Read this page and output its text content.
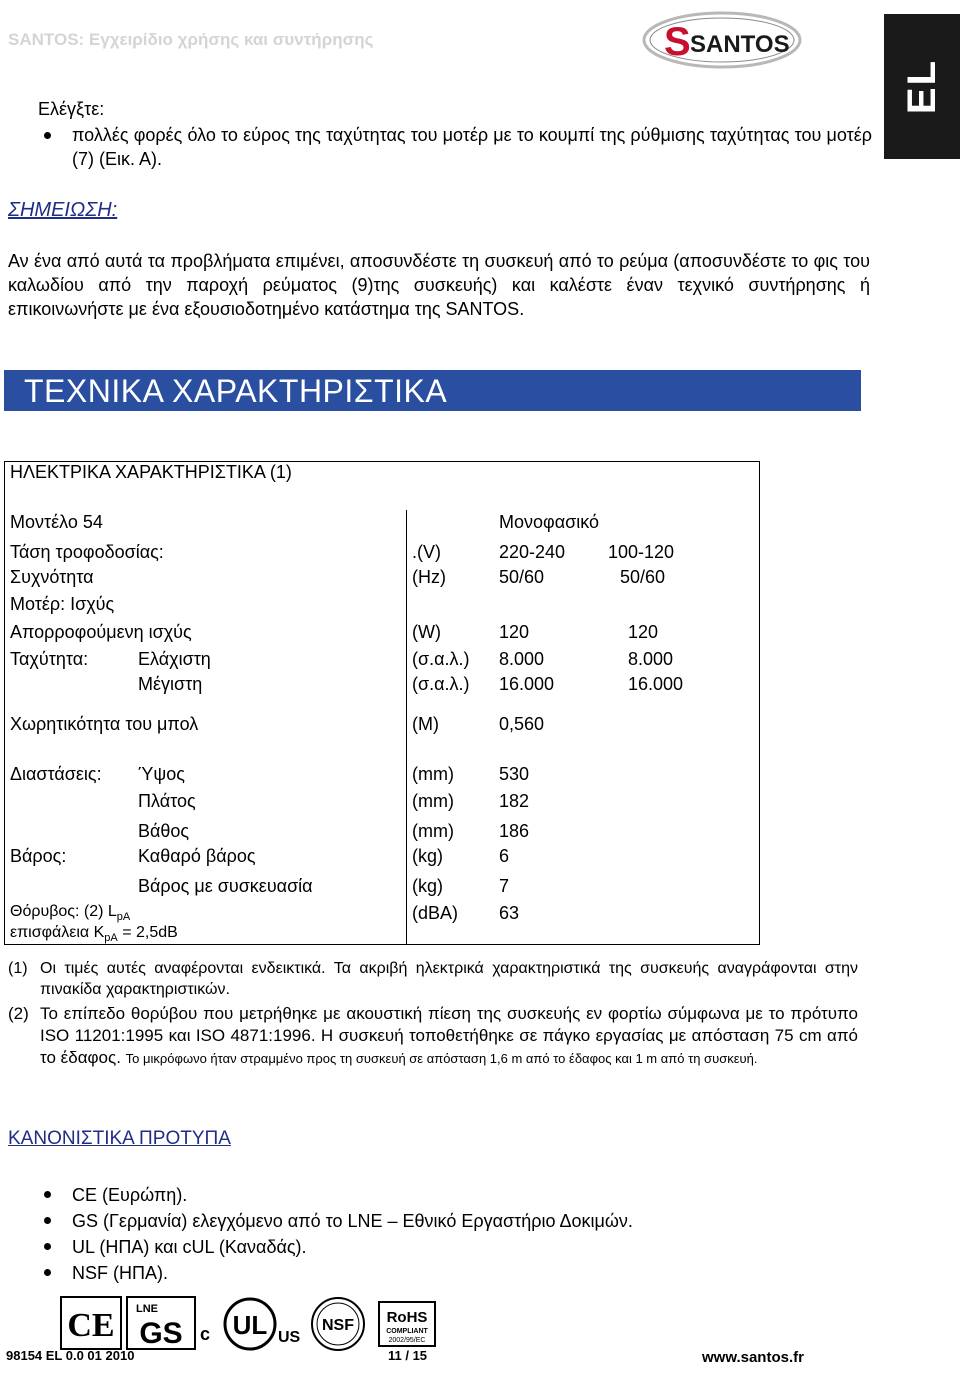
SANTOS: Εγχειρίδιο χρήσης και συντήρησης	S SANTOS
EL
Ελέγξτε:
πολλές φορές όλο το εύρος της ταχύτητας του μοτέρ με το κουμπί της ρύθμισης ταχύτητας του μοτέρ (7) (Εικ. Α).
ΣΗΜΕΙΩΣΗ:
Αν ένα από αυτά τα προβλήματα επιμένει, αποσυνδέστε τη συσκευή από το ρεύμα (αποσυνδέστε το φις του καλωδίου από την παροχή ρεύματος (9)της συσκευής) και καλέστε έναν τεχνικό συντήρησης ή επικοινωνήστε με ένα εξουσιοδοτημένο κατάστημα της SANTOS.
ΤΕΧΝΙΚΑ ΧΑΡΑΚΤΗΡΙΣΤΙΚΑ
ΗΛΕΚΤΡΙΚΑ ΧΑΡΑΚΤΗΡΙΣΤΙΚΑ (1)
Μοντέλο 54	Μονοφασικό
Τάση τροφοδοσίας:	.(V)	220-240 100-120
Συχνότητα	(Hz)	50/60	50/60
Μοτέρ: Ισχύς
Απορροφούμενη ισχύς	(W)	120	120
Ταχύτητα:	Ελάχιστη	(σ.α.λ.) 8.000	8.000
Μέγιστη	(σ.α.λ.) 16.000	16.000
Χωρητικότητα του μπολ	(M)	0,560
Διαστάσεις: Ύψος	(mm)	530
Πλάτος	(mm)	182
Βάθος	(mm)	186
Βάρος:	Καθαρό βάρος	(kg)	6
Βάρος με συσκευασία	(kg)	7
Θόρυβος: (2) $L_{pA}$	(dBA) 63
επισφάλεια $K_{pA} = 2,5dB$
(1) Οι τιμές αυτές αναφέρονται ενδεικτικά. Τα ακριβή ηλεκτρικά χαρακτηριστικά της συσκευής αναγράφονται στην πινακίδα χαρακτηριστικών.
(2) Το επίπεδο θορύβου που μετρήθηκε με ακουστική πίεση της συσκευής εν φορτίω σύμφωνα με το πρότυπο ISO 11201:1995 και ISO 4871:1996. Η συσκευή τοποθετήθηκε σε πάγκο εργασίας με απόσταση 75 cm από το έδαφος. Το μικρόφωνο ήταν στραμμένο προς τη συσκευή σε απόσταση 1,6 m από το έδαφος και 1 m από τη συσκευή.
ΚΑΝΟΝΙΣΤΙΚΑ ΠΡΟΤΥΠΑ
CE (Ευρώπη).
GS (Γερμανία) ελεγχόμενο από το LNE – Εθνικό Εργαστήριο Δοκιμών.
UL (ΗΠΑ) και cUL (Καναδάς).
NSF (ΗΠΑ).
CE LNE
GS c UL US
NSF RoHS
COMPLIANT
2002/95/EC
98154 EL 0.0 01 2010	11 / 15	www.santos.fr
